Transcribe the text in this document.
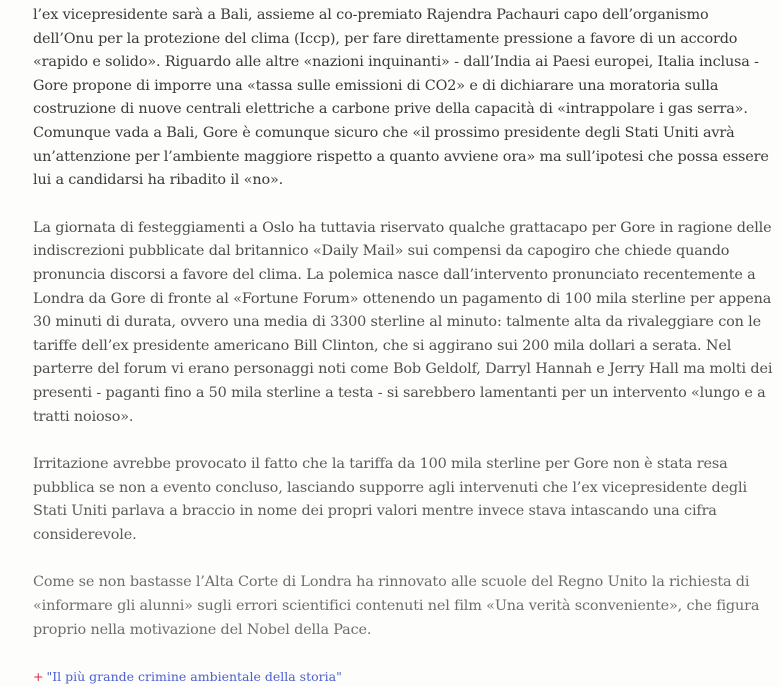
l’ex vicepresidente sarà a Bali, assieme al co-premiato Rajendra Pachauri capo dell’organismo dell’Onu per la protezione del clima (Iccp), per fare direttamente pressione a favore di un accordo «rapido e solido». Riguardo alle altre «nazioni inquinanti» - dall’India ai Paesi europei, Italia inclusa - Gore propone di imporre una «tassa sulle emissioni di CO2» e di dichiarare una moratoria sulla costruzione di nuove centrali elettriche a carbone prive della capacità di «intrappolare i gas serra». Comunque vada a Bali, Gore è comunque sicuro che «il prossimo presidente degli Stati Uniti avrà un’attenzione per l’ambiente maggiore rispetto a quanto avviene ora» ma sull’ipotesi che possa essere lui a candidarsi ha ribadito il «no».

La giornata di festeggiamenti a Oslo ha tuttavia riservato qualche grattacapo per Gore in ragione delle indiscrezioni pubblicate dal britannico «Daily Mail» sui compensi da capogiro che chiede quando pronuncia discorsi a favore del clima. La polemica nasce dall’intervento pronunciato recentemente a Londra da Gore di fronte al «Fortune Forum» ottenendo un pagamento di 100 mila sterline per appena 30 minuti di durata, ovvero una media di 3300 sterline al minuto: talmente alta da rivaleggiare con le tariffe dell’ex presidente americano Bill Clinton, che si aggirano sui 200 mila dollari a serata. Nel parterre del forum vi erano personaggi noti come Bob Geldolf, Darryl Hannah e Jerry Hall ma molti dei presenti - paganti fino a 50 mila sterline a testa - si sarebbero lamentanti per un intervento «lungo e a tratti noioso».

Irritazione avrebbe provocato il fatto che la tariffa da 100 mila sterline per Gore non è stata resa pubblica se non a evento concluso, lasciando supporre agli intervenuti che l’ex vicepresidente degli Stati Uniti parlava a braccio in nome dei propri valori mentre invece stava intascando una cifra considerevole.

Come se non bastasse l’Alta Corte di Londra ha rinnovato alle scuole del Regno Unito la richiesta di «informare gli alunni» sugli errori scientifici contenuti nel film «Una verità sconveniente», che figura proprio nella motivazione del Nobel della Pace.

+ "Il più grande crimine ambientale della storia"
